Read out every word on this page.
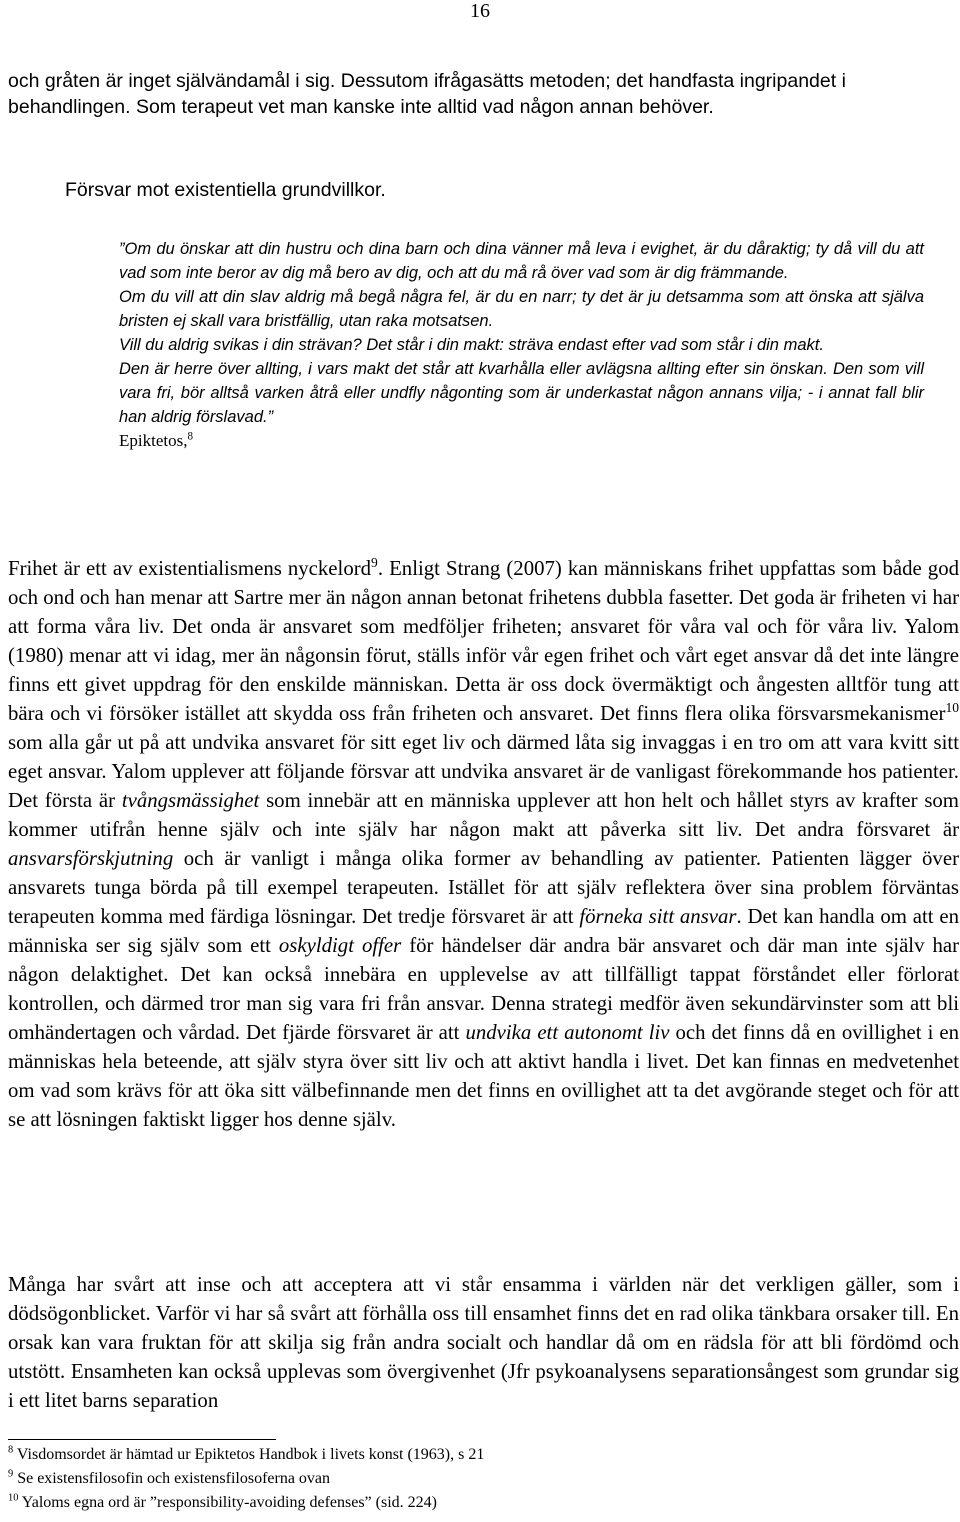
16
och gråten är inget självändamål i sig. Dessutom ifrågasätts metoden; det handfasta ingripandet i behandlingen. Som terapeut vet man kanske inte alltid vad någon annan behöver.
Försvar mot existentiella grundvillkor.

”Om du önskar att din hustru och dina barn och dina vänner må leva i evighet, är du dåraktig; ty då vill du att vad som inte beror av dig må bero av dig, och att du må rå över vad som är dig främmande.

Om du vill att din slav aldrig må begå några fel, är du en narr; ty det är ju detsamma som att önska att själva bristen ej skall vara bristfällig, utan raka motsatsen.

Vill du aldrig svikas i din strävan? Det står i din makt: sträva endast efter vad som står i din makt.

Den är herre över allting, i vars makt det står att kvarhålla eller avlägsna allting efter sin önskan. Den som vill vara fri, bör alltså varken åtrå eller undfly någonting som är underkastat någon annans vilja; - i annat fall blir han aldrig förslavad.”

Epiktetos,$^8$

Frihet är ett av existentialismens nyckelord$^9$. Enligt Strang (2007) kan människans frihet uppfattas som både god och ond och han menar att Sartre mer än någon annan betonat frihetens dubbla fasetter. Det goda är friheten vi har att forma våra liv. Det onda är ansvaret som medföljer friheten; ansvaret för våra val och för våra liv. Yalom (1980) menar att vi idag, mer än någonsin förut, ställs inför vår egen frihet och vårt eget ansvar då det inte längre finns ett givet uppdrag för den enskilde människan. Detta är oss dock övermäktigt och ångesten alltför tung att bära och vi försöker istället att skydda oss från friheten och ansvaret. Det finns flera olika försvarsmekanismer$^{10}$ som alla går ut på att undvika ansvaret för sitt eget liv och därmed låta sig invaggas i en tro om att vara kvitt sitt eget ansvar. Yalom upplever att följande försvar att undvika ansvaret är de vanligast förekommande hos patienter. Det första är tvångsmässighet som innebär att en människa upplever att hon helt och hållet styrs av krafter som kommer utifrån henne själv och inte själv har någon makt att påverka sitt liv. Det andra försvaret är ansvarsförskjutning och är vanligt i många olika former av behandling av patienter. Patienten lägger över ansvarets tunga börda på till exempel terapeuten. Istället för att själv reflektera över sina problem förväntas terapeuten komma med färdiga lösningar. Det tredje försvaret är att förneka sitt ansvar. Det kan handla om att en människa ser sig själv som ett oskyldigt offer för händelser där andra bär ansvaret och där man inte själv har någon delaktighet. Det kan också innebära en upplevelse av att tillfälligt tappat förståndet eller förlorat kontrollen, och därmed tror man sig vara fri från ansvar. Denna strategi medför även sekundärvinster som att bli omhändertagen och vårdad. Det fjärde försvaret är att undvika ett autonomt liv och det finns då en ovillighet i en människas hela beteende, att själv styra över sitt liv och att aktivt handla i livet. Det kan finnas en medvetenhet om vad som krävs för att öka sitt välbefinnande men det finns en ovillighet att ta det avgörande steget och för att se att lösningen faktiskt ligger hos denne själv.

Många har svårt att inse och att acceptera att vi står ensamma i världen när det verkligen gäller, som i dödsögonblicket. Varför vi har så svårt att förhålla oss till ensamhet finns det en rad olika tänkbara orsaker till. En orsak kan vara fruktan för att skilja sig från andra socialt och handlar då om en rädsla för att bli fördömd och utstött. Ensamheten kan också upplevas som övergivenhet (Jfr psykoanalysens separationsångest som grundar sig i ett litet barns separation

$^8$ Visdomsordet är hämtad ur Epiktetos Handbok i livets konst (1963), s 21
$^9$ Se existensfilosofin och existensfilosoferna ovan
$^{10}$ Yaloms egna ord är ”responsibility-avoiding defenses” (sid. 224)
